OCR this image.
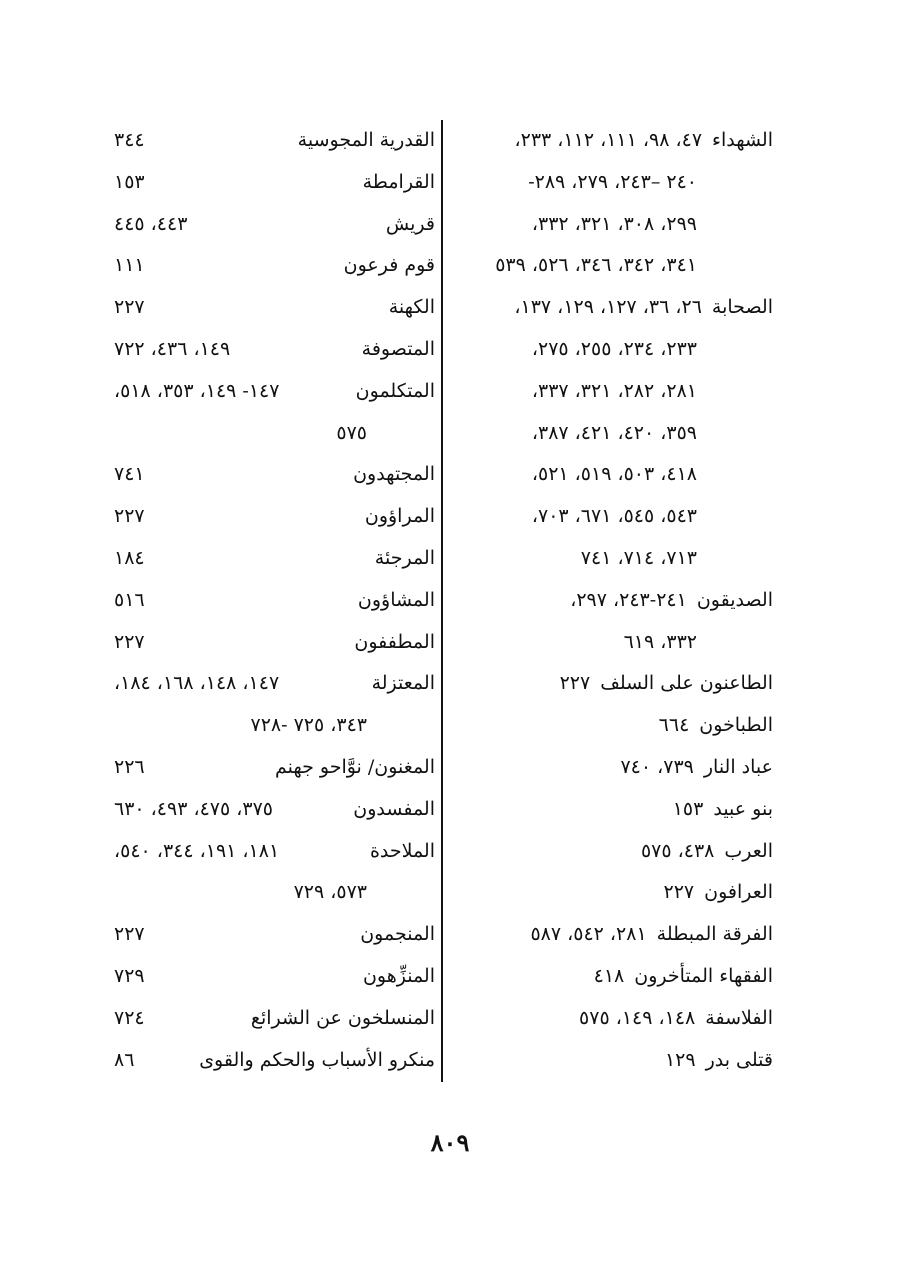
الشهداء
٤٧، ٩٨، ١١١، ١١٢، ٢٣٣،
٢٤٠ –٢٤٣، ٢٧٩، ٢٨٩-
٢٩٩، ٣٠٨، ٣٢١، ٣٣٢،
٣٤١، ٣٤٢، ٣٤٦، ٥٢٦، ٥٣٩
الصحابة
٢٦، ٣٦، ١٢٧، ١٢٩، ١٣٧،
٢٣٣، ٢٣٤، ٢٥٥، ٢٧٥،
٢٨١، ٢٨٢، ٣٢١، ٣٣٧،
٣٥٩، ٤٢٠، ٤٢١، ٣٨٧،
٤١٨، ٥٠٣، ٥١٩، ٥٢١،
٥٤٣، ٥٤٥، ٦٧١، ٧٠٣،
٧١٣، ٧١٤، ٧٤١
الصديقون
٢٤١-٢٤٣، ٢٩٧،
٣٣٢، ٦١٩
الطاعنون على السلف
٢٢٧
الطباخون
٦٦٤
عباد النار
٧٣٩، ٧٤٠
بنو عبيد
١٥٣
العرب
٤٣٨، ٥٧٥
العرافون
٢٢٧
الفرقة المبطلة
٢٨١، ٥٤٢، ٥٨٧
الفقهاء المتأخرون
٤١٨
الفلاسفة
١٤٨، ١٤٩، ٥٧٥
قتلى بدر
١٢٩
القدرية المجوسية
٣٤٤
القرامطة
١٥٣
قريش
٤٤٣، ٤٤٥
قوم فرعون
١١١
الكهنة
٢٢٧
المتصوفة
١٤٩، ٤٣٦، ٧٢٢
المتكلمون
١٤٧- ١٤٩، ٣٥٣، ٥١٨،
٥٧٥
المجتهدون
٧٤١
المراؤون
٢٢٧
المرجئة
١٨٤
المشاؤون
٥١٦
المطففون
٢٢٧
المعتزلة
١٤٧، ١٤٨، ١٦٨، ١٨٤،
٣٤٣، ٧٢٥ -٧٢٨
المغنون/ نوَّاحو جهنم
٢٢٦
المفسدون
٣٧٥، ٤٧٥، ٤٩٣، ٦٣٠
الملاحدة
١٨١، ١٩١، ٣٤٤، ٥٤٠،
٥٧٣، ٧٢٩
المنجمون
٢٢٧
المنزِّهون
٧٢٩
المنسلخون عن الشرائع
٧٢٤
منكرو الأسباب والحكم والقوى
٨٦
٨٠٩
